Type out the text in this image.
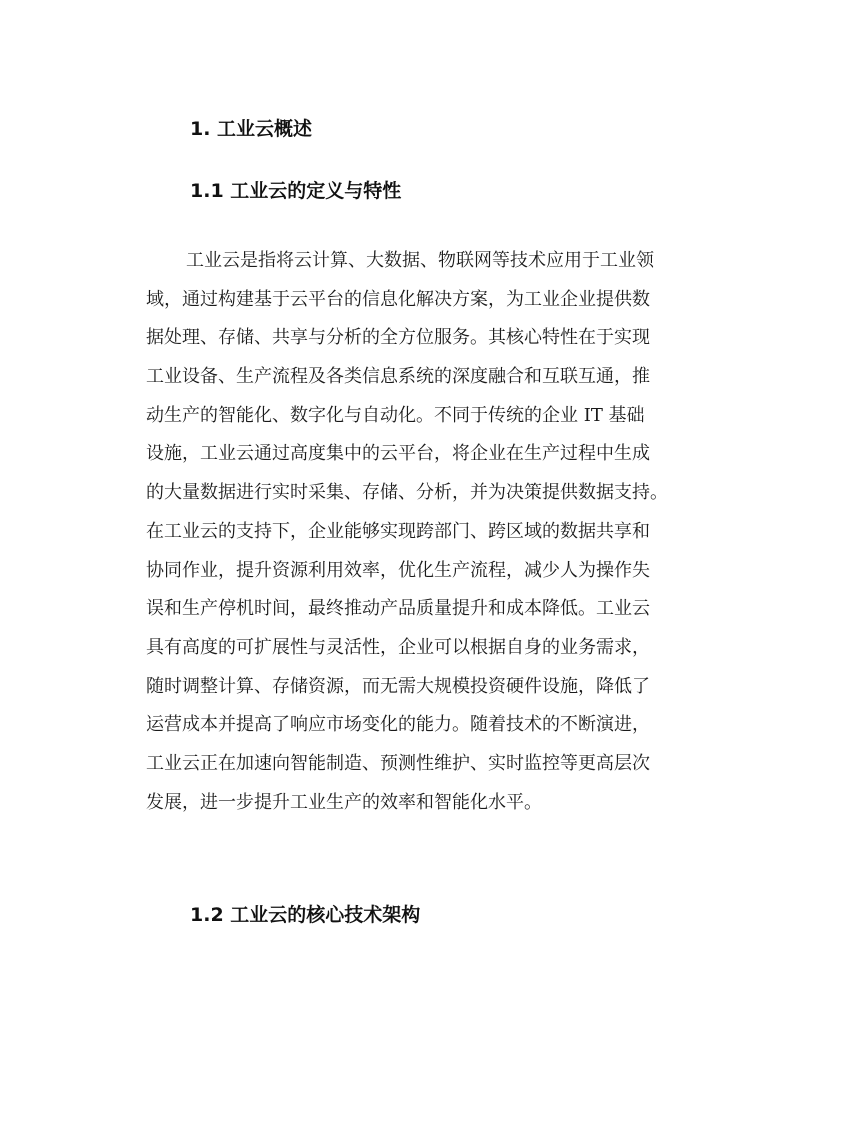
1. 工业云概述
1.1 工业云的定义与特性
工业云是指将云计算、大数据、物联网等技术应用于工业领
域，通过构建基于云平台的信息化解决方案，为工业企业提供数
据处理、存储、共享与分析的全方位服务。其核心特性在于实现
工业设备、生产流程及各类信息系统的深度融合和互联互通，推
动生产的智能化、数字化与自动化。不同于传统的企业 IT 基础
设施，工业云通过高度集中的云平台，将企业在生产过程中生成
的大量数据进行实时采集、存储、分析，并为决策提供数据支持。
在工业云的支持下，企业能够实现跨部门、跨区域的数据共享和
协同作业，提升资源利用效率，优化生产流程，减少人为操作失
误和生产停机时间，最终推动产品质量提升和成本降低。工业云
具有高度的可扩展性与灵活性，企业可以根据自身的业务需求，
随时调整计算、存储资源，而无需大规模投资硬件设施，降低了
运营成本并提高了响应市场变化的能力。随着技术的不断演进，
工业云正在加速向智能制造、预测性维护、实时监控等更高层次
发展，进一步提升工业生产的效率和智能化水平。
1.2 工业云的核心技术架构
